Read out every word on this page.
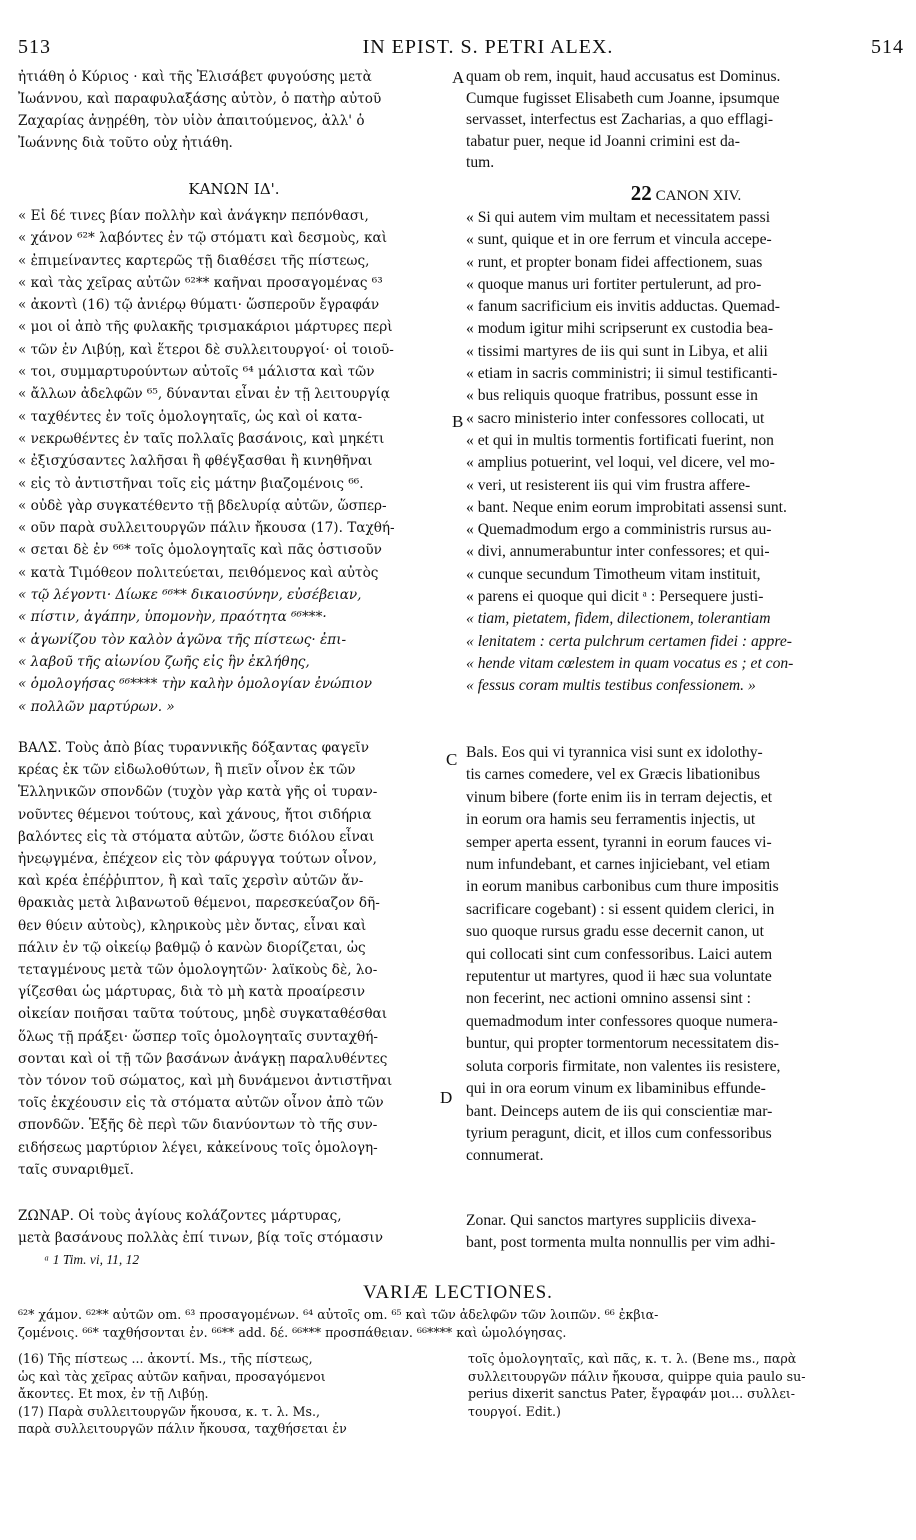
513	IN EPIST. S. PETRI ALEX.	514
ἠτιάθη ὁ Κύριος · καὶ τῆς Ἐλισάβετ φυγούσης μετὰ
Ἰωάννου, καὶ παραφυλαξάσης αὐτὸν, ὁ πατὴρ αὐτοῦ
Ζαχαρίας ἀνῃρέθη, τὸν υἱὸν ἀπαιτούμενος, ἀλλ' ὁ
Ἰωάννης διὰ τοῦτο οὐχ ἠτιάθη.
ΚΑΝΩΝ ΙΔ'.
« Εἰ δέ τινες βίαν πολλὴν καὶ ἀνάγκην πεπόνθασι,
« χάνον ⁶²* λαβόντες ἐν τῷ στόματι καὶ δεσμοὺς, καὶ
« ἐπιμείναντες καρτερῶς τῇ διαθέσει τῆς πίστεως,
« καὶ τὰς χεῖρας αὐτῶν ⁶²** καῆναι προσαγομένας ⁶³
« ἀκοντὶ (16) τῷ ἀνιέρῳ θύματι· ὥσπεροῦν ἔγραφάν
« μοι οἱ ἀπὸ τῆς φυλακῆς τρισμακάριοι μάρτυρες περὶ
« τῶν ἐν Λιβύῃ, καὶ ἕτεροι δὲ συλλειτουργοί· οἱ τοιοῦ-
« τοι, συμμαρτυρούντων αὐτοῖς ⁶⁴ μάλιστα καὶ τῶν
« ἄλλων ἀδελφῶν ⁶⁵, δύνανται εἶναι ἐν τῇ λειτουργίᾳ
« ταχθέντες ἐν τοῖς ὁμολογηταῖς, ὡς καὶ οἱ κατα-
« νεκρωθέντες ἐν ταῖς πολλαῖς βασάνοις, καὶ μηκέτι
« ἐξισχύσαντες λαλῆσαι ἢ φθέγξασθαι ἢ κινηθῆναι
« εἰς τὸ ἀντιστῆναι τοῖς εἰς μάτην βιαζομένοις ⁶⁶.
« οὐδὲ γὰρ συγκατέθεντο τῇ βδελυρίᾳ αὐτῶν, ὥσπερ-
« οῦν παρὰ συλλειτουργῶν πάλιν ἤκουσα (17). Ταχθή-
« σεται δὲ ἐν ⁶⁶* τοῖς ὁμολογηταῖς καὶ πᾶς ὁστισοῦν
« κατὰ Τιμόθεον πολιτεύεται, πειθόμενος καὶ αὐτὸς
« τῷ λέγοντι· Δίωκε ⁶⁶** δικαιοσύνην, εὐσέβειαν,
« πίστιν, ἀγάπην, ὑπομονὴν, πραότητα ⁶⁶***·
« ἀγωνίζου τὸν καλὸν ἀγῶνα τῆς πίστεως· ἐπι-
« λαβοῦ τῆς αἰωνίου ζωῆς εἰς ἣν ἐκλήθης,
« ὁμολογήσας ⁶⁶**** τὴν καλὴν ὁμολογίαν ἐνώπιον
« πολλῶν μαρτύρων. »
ΒΑΛΣ. Τοὺς ἀπὸ βίας τυραννικῆς δόξαντας φαγεῖν
κρέας ἐκ τῶν εἰδωλοθύτων, ἢ πιεῖν οἶνον ἐκ τῶν
Ἑλληνικῶν σπονδῶν (τυχὸν γὰρ κατὰ γῆς οἱ τυραν-
νοῦντες θέμενοι τούτους, καὶ χάνους, ἤτοι σιδήρια
βαλόντες εἰς τὰ στόματα αὐτῶν, ὥστε διόλου εἶναι
ἠνεῳγμένα, ἐπέχεον εἰς τὸν φάρυγγα τούτων οἶνον,
καὶ κρέα ἐπέῤῥιπτον, ἢ καὶ ταῖς χερσὶν αὐτῶν ἄν-
θρακιὰς μετὰ λιβανωτοῦ θέμενοι, παρεσκεύαζον δῆ-
θεν θύειν αὐτοὺς), κληρικοὺς μὲν ὄντας, εἶναι καὶ
πάλιν ἐν τῷ οἰκείῳ βαθμῷ ὁ κανὼν διορίζεται, ὡς
τεταγμένους μετὰ τῶν ὁμολογητῶν· λαϊκοὺς δὲ, λο-
γίζεσθαι ὡς μάρτυρας, διὰ τὸ μὴ κατὰ προαίρεσιν
οἰκείαν ποιῆσαι ταῦτα τούτους, μηδὲ συγκαταθέσθαι
ὅλως τῇ πράξει· ὥσπερ τοῖς ὁμολογηταῖς συνταχθή-
σονται καὶ οἱ τῇ τῶν βασάνων ἀνάγκῃ παραλυθέντες
τὸν τόνον τοῦ σώματος, καὶ μὴ δυνάμενοι ἀντιστῆναι
τοῖς ἐκχέουσιν εἰς τὰ στόματα αὐτῶν οἶνον ἀπὸ τῶν
σπονδῶν. Ἑξῆς δὲ περὶ τῶν διανύοντων τὸ τῆς συν-
ειδήσεως μαρτύριον λέγει, κἀκείνους τοῖς ὁμολογη-
ταῖς συναριθμεῖ.
ΖΩΝΑΡ. Οἱ τοὺς ἁγίους κολάζοντες μάρτυρας,
μετὰ βασάνους πολλὰς ἐπί τινων, βίᾳ τοῖς στόμασιν
ᵃ 1 Tim. vi, 11, 12
A
B
C
D
quam ob rem, inquit, haud accusatus est Dominus.
Cumque fugisset Elisabeth cum Joanne, ipsumque
servasset, interfectus est Zacharias, a quo efflagi-
tabatur puer, neque id Joanni crimini est da-
tum.
22 CANON XIV.
« Si qui autem vim multam et necessitatem passi
« sunt, quique et in ore ferrum et vincula accepe-
« runt, et propter bonam fidei affectionem, suas
« quoque manus uri fortiter pertulerunt, ad pro-
« fanum sacrificium eis invitis adductas. Quemad-
« modum igitur mihi scripserunt ex custodia bea-
« tissimi martyres de iis qui sunt in Libya, et alii
« etiam in sacris comministri; ii simul testificanti-
« bus reliquis quoque fratribus, possunt esse in
« sacro ministerio inter confessores collocati, ut
« et qui in multis tormentis fortificati fuerint, non
« amplius potuerint, vel loqui, vel dicere, vel mo-
« veri, ut resisterent iis qui vim frustra affere-
« bant. Neque enim eorum improbitati assensi sunt.
« Quemadmodum ergo a comministris rursus au-
« divi, annumerabuntur inter confessores; et qui-
« cunque secundum Timotheum vitam instituit,
« parens ei quoque qui dicit ᵃ : Persequere justi-
« tiam, pietatem, fidem, dilectionem, tolerantiam
« lenitatem : certa pulchrum certamen fidei : appre-
« hende vitam cœlestem in quam vocatus es ; et con-
« fessus coram multis testibus confessionem. »
Bals. Eos qui vi tyrannica visi sunt ex idolothy-
tis carnes comedere, vel ex Græcis libationibus
vinum bibere (forte enim iis in terram dejectis, et
in eorum ora hamis seu ferramentis injectis, ut
semper aperta essent, tyranni in eorum fauces vi-
num infundebant, et carnes injiciebant, vel etiam
in eorum manibus carbonibus cum thure impositis
sacrificare cogebant) : si essent quidem clerici, in
suo quoque rursus gradu esse decernit canon, ut
qui collocati sint cum confessoribus. Laici autem
reputentur ut martyres, quod ii hæc sua voluntate
non fecerint, nec actioni omnino assensi sint :
quemadmodum inter confessores quoque numera-
buntur, qui propter tormentorum necessitatem dis-
soluta corporis firmitate, non valentes iis resistere,
qui in ora eorum vinum ex libaminibus effunde-
bant. Deinceps autem de iis qui conscientiæ mar-
tyrium peragunt, dicit, et illos cum confessoribus
connumerat.
Zonar. Qui sanctos martyres suppliciis divexa-
bant, post tormenta multa nonnullis per vim adhi-
VARIÆ LECTIONES.
⁶²* χάμον. ⁶²** αὐτῶν om. ⁶³ προσαγομένων. ⁶⁴ αὐτοῖς om. ⁶⁵ καὶ τῶν ἀδελφῶν τῶν λοιπῶν. ⁶⁶ ἐκβια-
ζομένοις. ⁶⁶* ταχθήσονται ἐν. ⁶⁶** add. δέ. ⁶⁶*** προσπάθειαν. ⁶⁶**** καὶ ὡμολόγησας.
(16) Τῆς πίστεως ... ἀκοντί. Ms., τῆς πίστεως,
ὡς καὶ τὰς χεῖρας αὐτῶν καῆναι, προσαγόμενοι
ἄκοντες. Et mox, ἐν τῇ Λιβύῃ.
(17) Παρὰ συλλειτουργῶν ἤκουσα, κ. τ. λ. Ms.,
παρὰ συλλειτουργῶν πάλιν ἤκουσα, ταχθήσεται ἐν
τοῖς ὁμολογηταῖς, καὶ πᾶς, κ. τ. λ. (Bene ms., παρὰ
συλλειτουργῶν πάλιν ἤκουσα, quippe quia paulo su-
perius dixerit sanctus Pater, ἔγραφάν μοι... συλλει-
τουργοί. Edit.)
